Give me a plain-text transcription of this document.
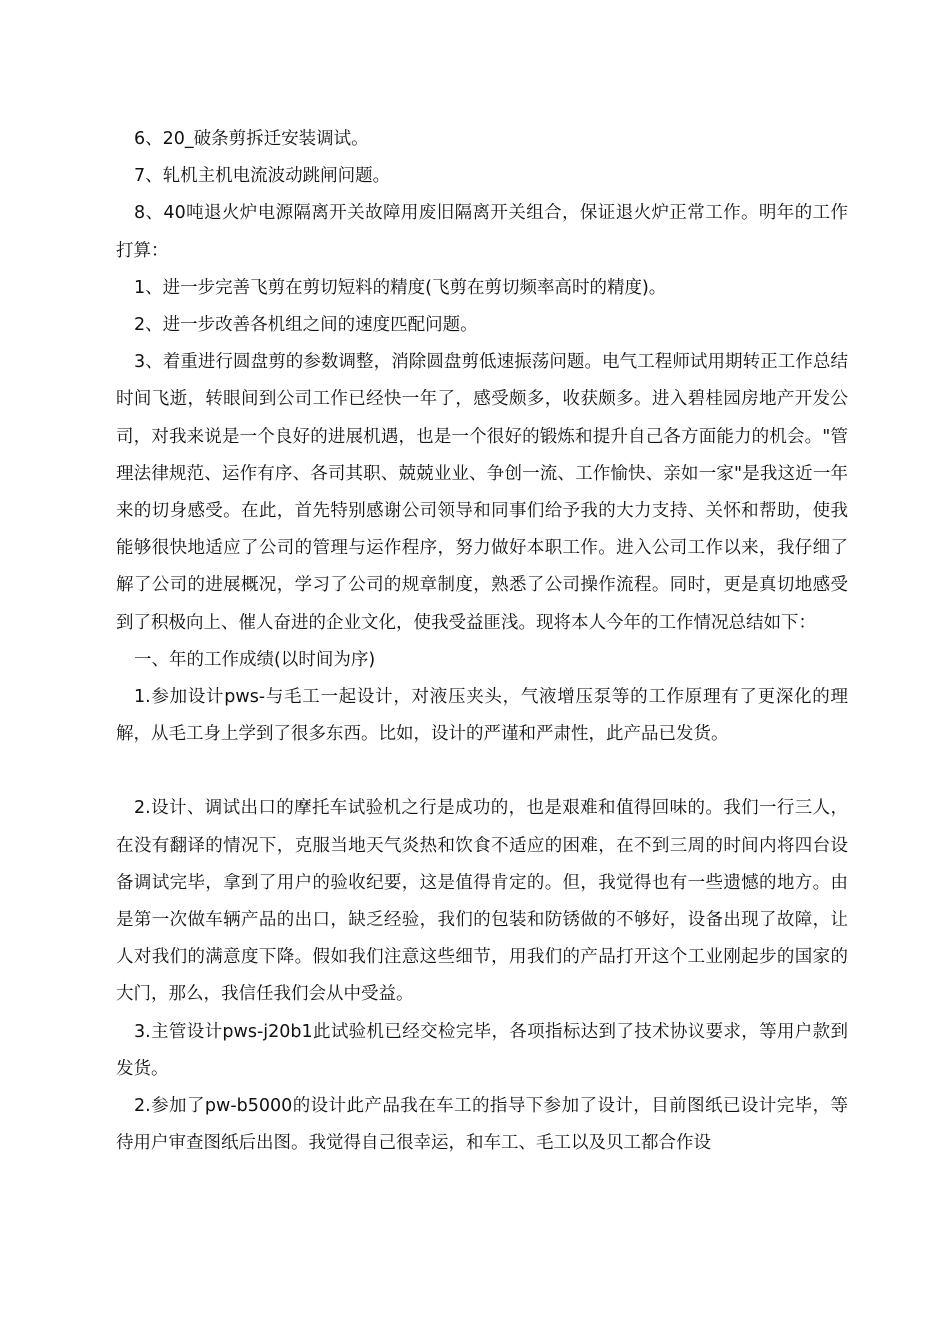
6、20_破条剪拆迁安装调试。

7、轧机主机电流波动跳闸问题。

8、40吨退火炉电源隔离开关故障用废旧隔离开关组合，保证退火炉正常工作。明年的工作打算：

1、进一步完善飞剪在剪切短料的精度(飞剪在剪切频率高时的精度)。

2、进一步改善各机组之间的速度匹配问题。

3、着重进行圆盘剪的参数调整，消除圆盘剪低速振荡问题。电气工程师试用期转正工作总结时间飞逝，转眼间到公司工作已经快一年了，感受颇多，收获颇多。进入碧桂园房地产开发公司，对我来说是一个良好的进展机遇，也是一个很好的锻炼和提升自己各方面能力的机会。"管理法律规范、运作有序、各司其职、兢兢业业、争创一流、工作愉快、亲如一家"是我这近一年来的切身感受。在此，首先特别感谢公司领导和同事们给予我的大力支持、关怀和帮助，使我能够很快地适应了公司的管理与运作程序，努力做好本职工作。进入公司工作以来，我仔细了解了公司的进展概况，学习了公司的规章制度，熟悉了公司操作流程。同时，更是真切地感受到了积极向上、催人奋进的企业文化，使我受益匪浅。现将本人今年的工作情况总结如下：

一、年的工作成绩(以时间为序)

1.参加设计pws-与毛工一起设计，对液压夹头，气液增压泵等的工作原理有了更深化的理解，从毛工身上学到了很多东西。比如，设计的严谨和严肃性，此产品已发货。

2.设计、调试出口的摩托车试验机之行是成功的，也是艰难和值得回味的。我们一行三人，在没有翻译的情况下，克服当地天气炎热和饮食不适应的困难，在不到三周的时间内将四台设备调试完毕，拿到了用户的验收纪要，这是值得肯定的。但，我觉得也有一些遗憾的地方。由是第一次做车辆产品的出口，缺乏经验，我们的包装和防锈做的不够好，设备出现了故障，让人对我们的满意度下降。假如我们注意这些细节，用我们的产品打开这个工业刚起步的国家的大门，那么，我信任我们会从中受益。

3.主管设计pws-j20b1此试验机已经交检完毕，各项指标达到了技术协议要求，等用户款到发货。

2.参加了pw-b5000的设计此产品我在车工的指导下参加了设计，目前图纸已设计完毕，等待用户审查图纸后出图。我觉得自己很幸运，和车工、毛工以及贝工都合作设
